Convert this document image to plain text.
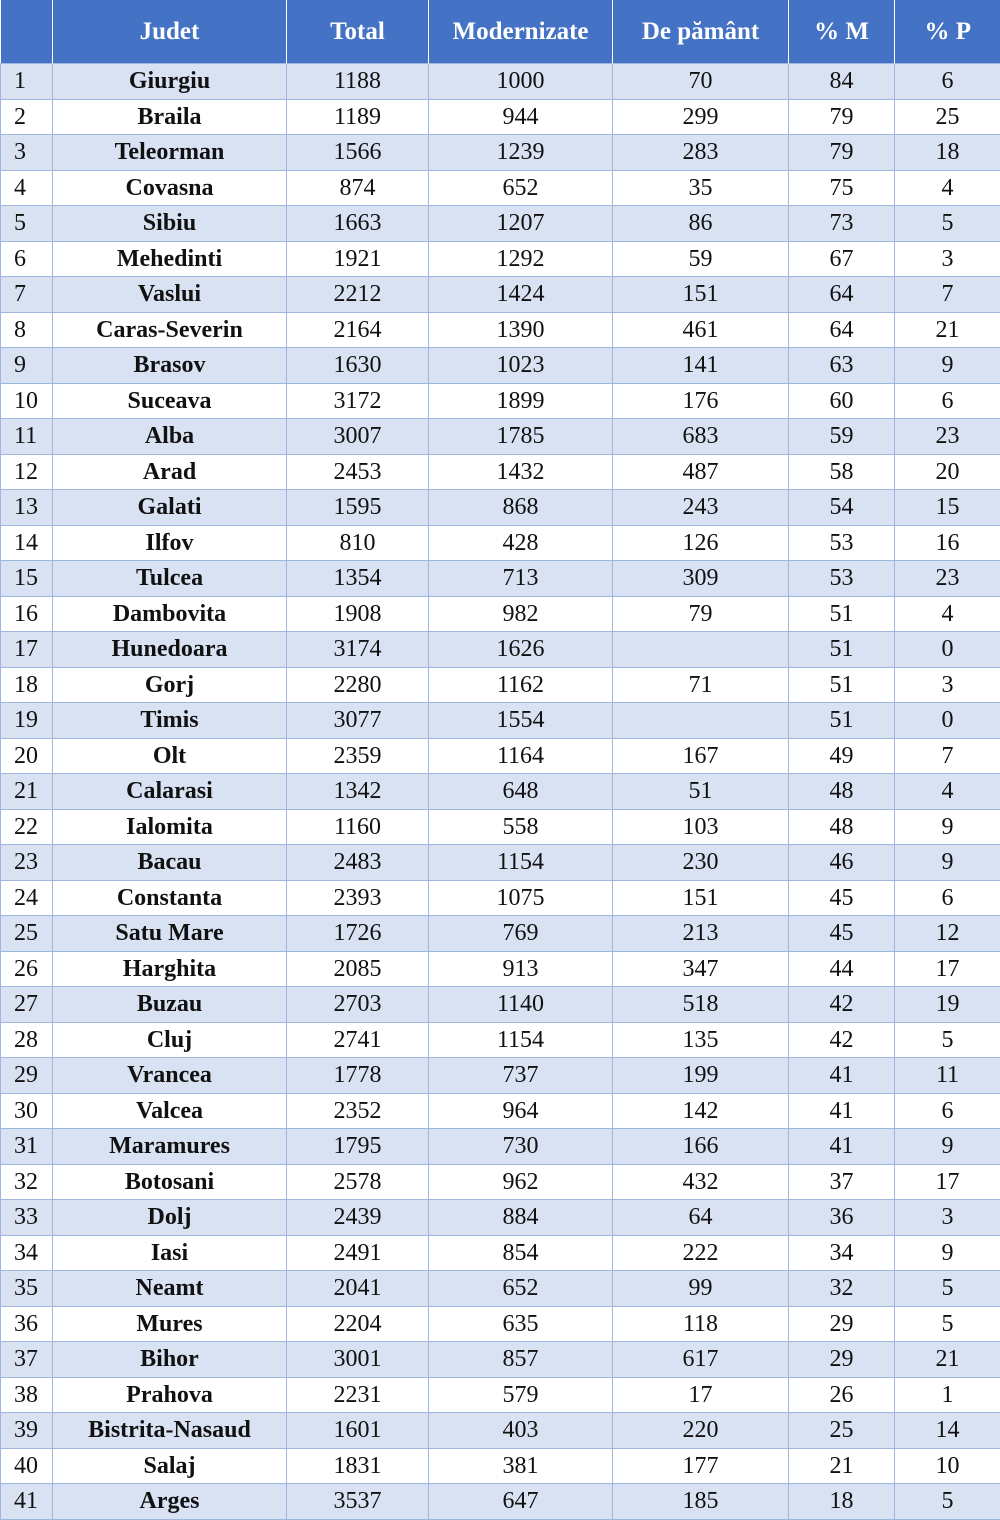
	Judet	Total	Modernizate	De pământ	% M	% P
1	Giurgiu	1188	1000	70	84	6
2	Braila	1189	944	299	79	25
3	Teleorman	1566	1239	283	79	18
4	Covasna	874	652	35	75	4
5	Sibiu	1663	1207	86	73	5
6	Mehedinti	1921	1292	59	67	3
7	Vaslui	2212	1424	151	64	7
8	Caras-Severin	2164	1390	461	64	21
9	Brasov	1630	1023	141	63	9
10	Suceava	3172	1899	176	60	6
11	Alba	3007	1785	683	59	23
12	Arad	2453	1432	487	58	20
13	Galati	1595	868	243	54	15
14	Ilfov	810	428	126	53	16
15	Tulcea	1354	713	309	53	23
16	Dambovita	1908	982	79	51	4
17	Hunedoara	3174	1626		51	0
18	Gorj	2280	1162	71	51	3
19	Timis	3077	1554		51	0
20	Olt	2359	1164	167	49	7
21	Calarasi	1342	648	51	48	4
22	Ialomita	1160	558	103	48	9
23	Bacau	2483	1154	230	46	9
24	Constanta	2393	1075	151	45	6
25	Satu Mare	1726	769	213	45	12
26	Harghita	2085	913	347	44	17
27	Buzau	2703	1140	518	42	19
28	Cluj	2741	1154	135	42	5
29	Vrancea	1778	737	199	41	11
30	Valcea	2352	964	142	41	6
31	Maramures	1795	730	166	41	9
32	Botosani	2578	962	432	37	17
33	Dolj	2439	884	64	36	3
34	Iasi	2491	854	222	34	9
35	Neamt	2041	652	99	32	5
36	Mures	2204	635	118	29	5
37	Bihor	3001	857	617	29	21
38	Prahova	2231	579	17	26	1
39	Bistrita-Nasaud	1601	403	220	25	14
40	Salaj	1831	381	177	21	10
41	Arges	3537	647	185	18	5
